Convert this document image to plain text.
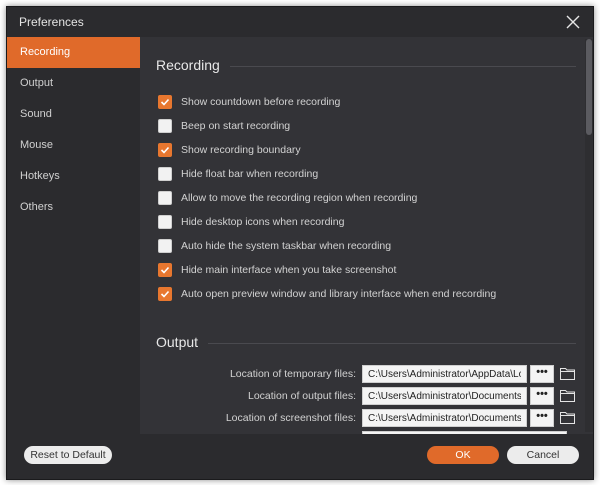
Preferences
Recording
Output
Sound
Mouse
Hotkeys
Others
Recording
Show countdown before recording
Beep on start recording
Show recording boundary
Hide float bar when recording
Allow to move the recording region when recording
Hide desktop icons when recording
Auto hide the system taskbar when recording
Hide main interface when you take screenshot
Auto open preview window and library interface when end recording
Output
Location of temporary files:
C:\Users\Administrator\AppData\Lo	•••
Location of output files:
C:\Users\Administrator\Documents	•••
Location of screenshot files:
C:\Users\Administrator\Documents	•••
Reset to Default	OK	Cancel
